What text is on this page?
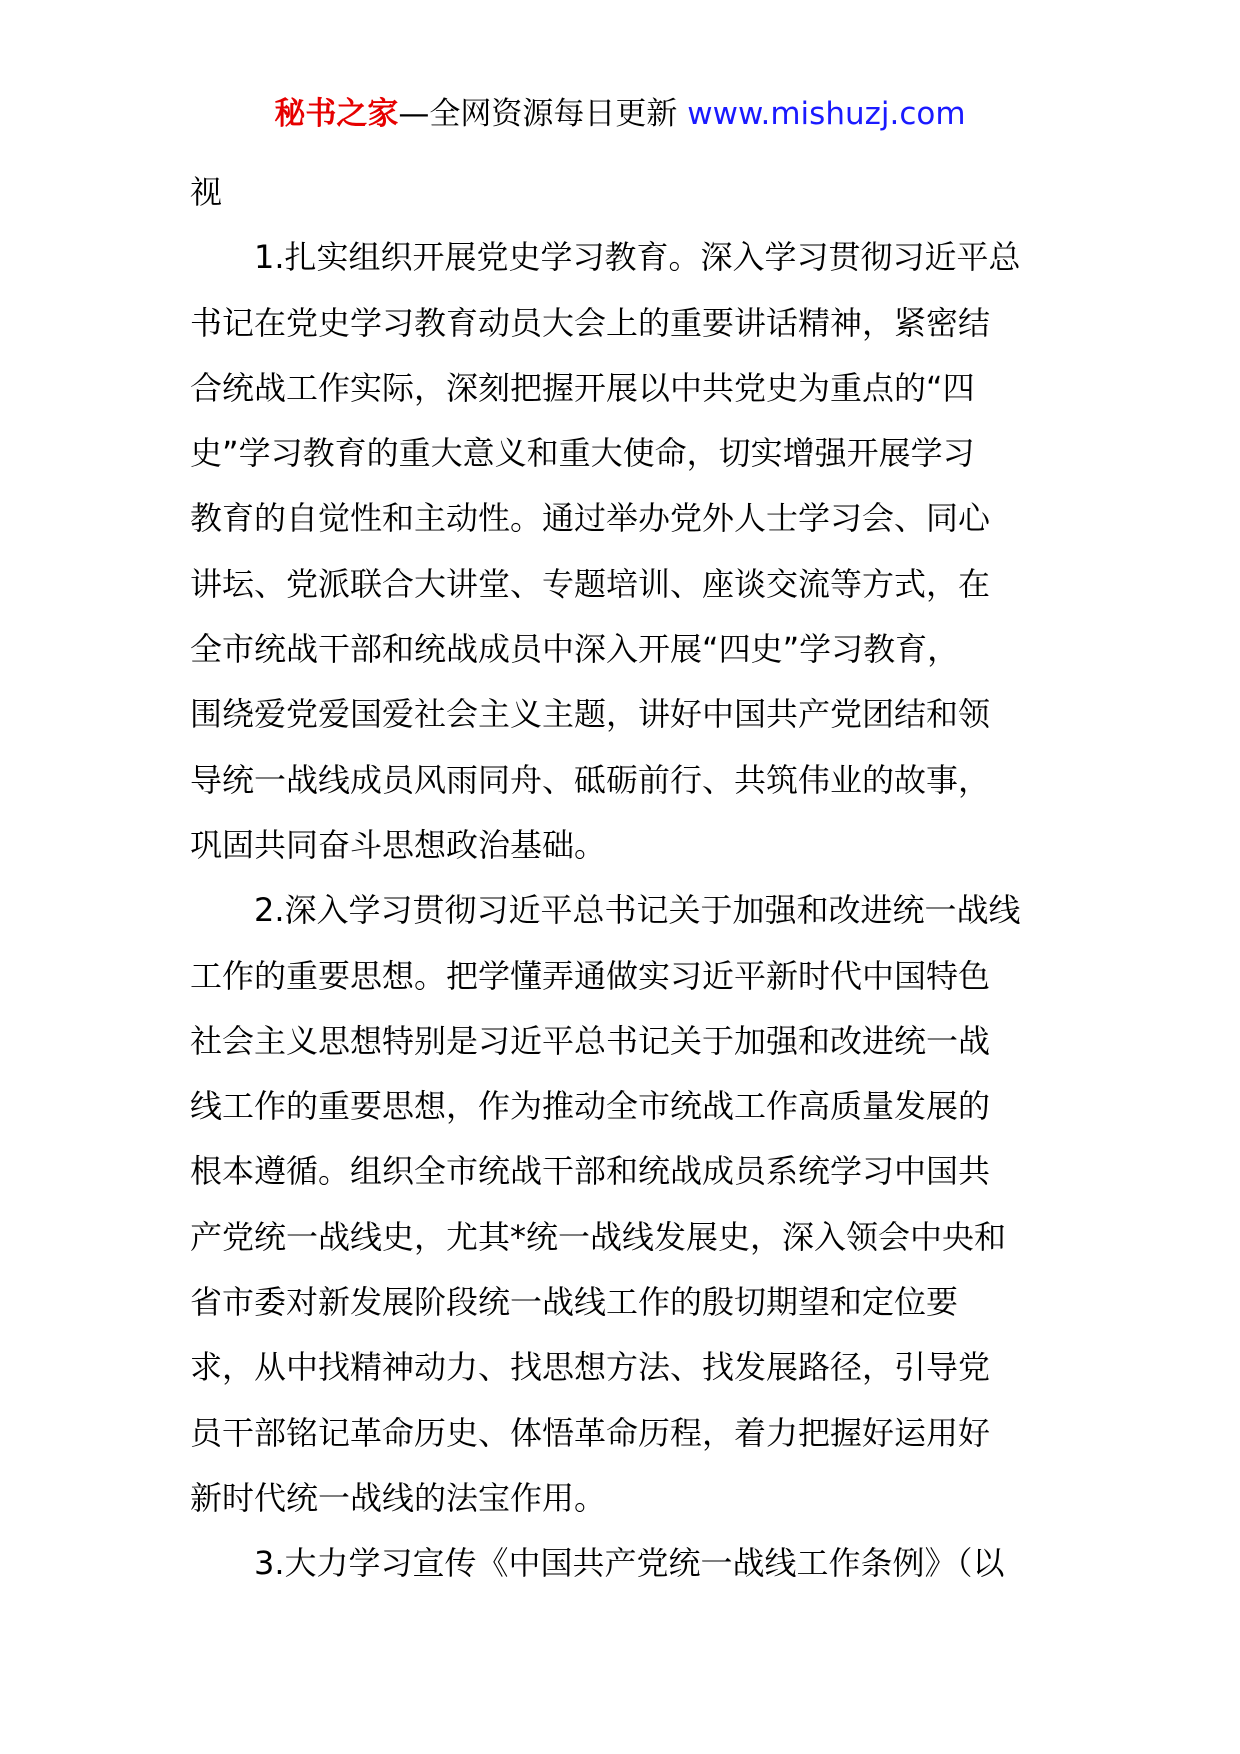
秘书之家—全网资源每日更新 www.mishuzj.com
视
1.扎实组织开展党史学习教育。深入学习贯彻习近平总
书记在党史学习教育动员大会上的重要讲话精神，紧密结
合统战工作实际，深刻把握开展以中共党史为重点的“四
史”学习教育的重大意义和重大使命，切实增强开展学习
教育的自觉性和主动性。通过举办党外人士学习会、同心
讲坛、党派联合大讲堂、专题培训、座谈交流等方式，在
全市统战干部和统战成员中深入开展“四史”学习教育，
围绕爱党爱国爱社会主义主题，讲好中国共产党团结和领
导统一战线成员风雨同舟、砥砺前行、共筑伟业的故事，
巩固共同奋斗思想政治基础。
2.深入学习贯彻习近平总书记关于加强和改进统一战线
工作的重要思想。把学懂弄通做实习近平新时代中国特色
社会主义思想特别是习近平总书记关于加强和改进统一战
线工作的重要思想，作为推动全市统战工作高质量发展的
根本遵循。组织全市统战干部和统战成员系统学习中国共
产党统一战线史，尤其*统一战线发展史，深入领会中央和
省市委对新发展阶段统一战线工作的殷切期望和定位要
求，从中找精神动力、找思想方法、找发展路径，引导党
员干部铭记革命历史、体悟革命历程，着力把握好运用好
新时代统一战线的法宝作用。
3.大力学习宣传《中国共产党统一战线工作条例》（以
